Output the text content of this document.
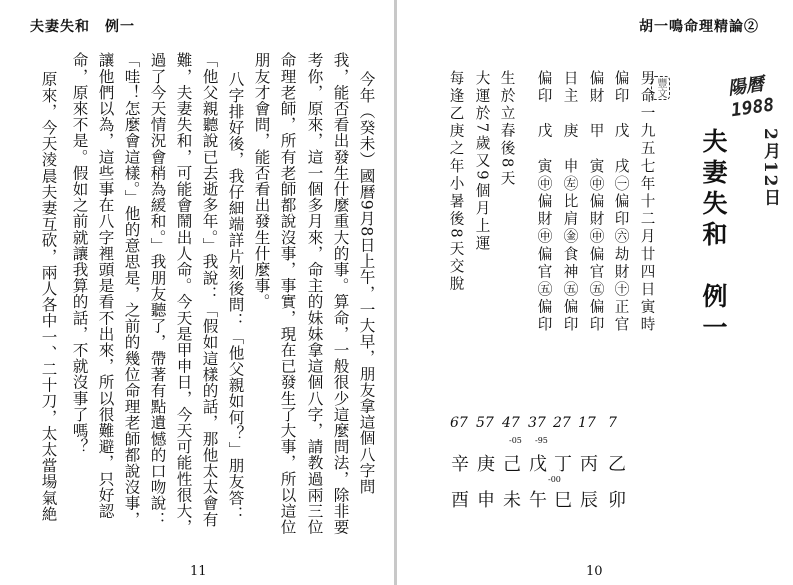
夫妻失和　例一
今年（癸未）國曆9月8日上午，一大早，朋友拿這個八字問
我，能否看出發生什麼重大的事。算命，一般很少這麼問法，除非要
考你，原來，這一個多月來，命主的妹妹拿這個八字，請教過兩三位
命理老師，所有老師都說沒事，事實，現在已發生了大事，所以這位
朋友才會問，能否看出發生什麼事。
八字排好後，我仔細端詳片刻後問：「他父親如何？」朋友答：
「他父親聽說已去逝多年。」我說：「假如這樣的話，那他太太會有
難，夫妻失和，可能會鬧出人命。今天是甲申日，今天可能性很大，
過了今天情況會稍為緩和。」我朋友聽了，帶著有點遺憾的口吻說：
「哇！怎麼會這樣。」他的意思是，之前的幾位命理老師都說沒事，
讓他們以為，這些事在八字裡頭是看不出來，所以很難避，只好認
命，原來不是。假如之前就讓我算的話，不就沒事了嗎？
原來，今天淩晨夫妻互砍，兩人各中一、二十刀，太太當場氣絶
11
胡一鳴命理精論②
陽曆1988
2月12日
豐文
夫妻失和　例一
男命一九五七年十二月廿四日寅時
偏印　戊　戌㊀偏印㊅劫財㊉正官
偏財　甲　寅㊥偏財㊥偏官㊄偏印
日主　庚　申㊧比肩㊎食神㊄偏印
偏印　戊　寅㊥偏財㊥偏官㊄偏印
生於立春後8天
大運於7歲又9個月上運
每逢乙庚之年小暑後8天交脫
67 57 47 37 27 17 7
-05 -95
辛 庚 己 戊 丁 丙 乙
-00
酉 申 未 午 巳 辰 卯
10
